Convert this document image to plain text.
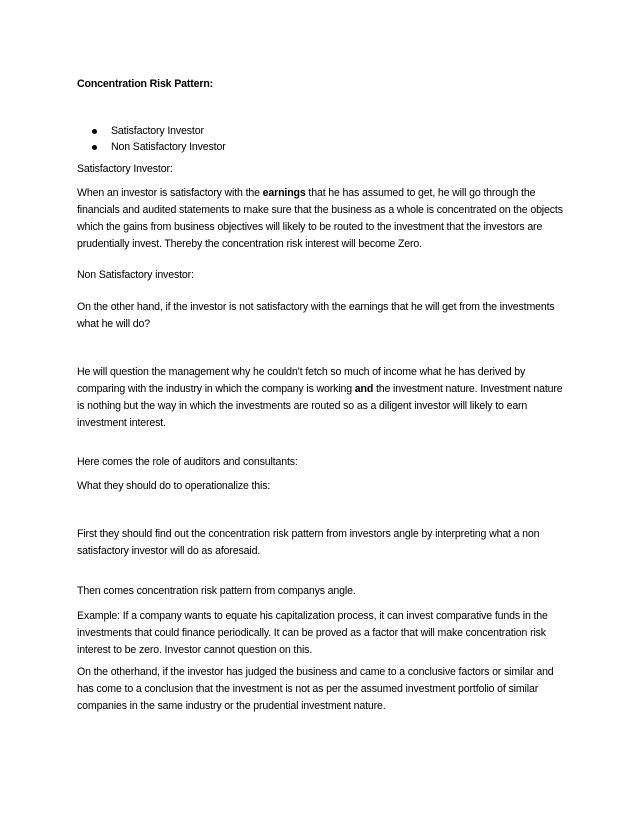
Concentration Risk Pattern:

Satisfactory Investor
Non Satisfactory Investor

Satisfactory Investor:

When an investor is satisfactory with the earnings that he has assumed to get, he will go through the financials and audited statements to make sure that the business as a whole is concentrated on the objects which the gains from business objectives will likely to be routed to the investment that the investors are prudentially invest. Thereby the concentration risk interest will become Zero.

Non Satisfactory investor:

On the other hand, if the investor is not satisfactory with the earnings that he will get from the investments what he will do?

He will question the management why he couldn’t fetch so much of income what he has derived by comparing with the industry in which the company is working and the investment nature. Investment nature is nothing but the way in which the investments are routed so as a diligent investor will likely to earn investment interest.

Here comes the role of auditors and consultants:

What they should do to operationalize this:

First they should find out the concentration risk pattern from investors angle by interpreting what a non satisfactory investor will do as aforesaid.

Then comes concentration risk pattern from companys angle.

Example: If a company wants to equate his capitalization process, it can invest comparative funds in the investments that could finance periodically. It can be proved as a factor that will make concentration risk interest to be zero. Investor cannot question on this.

On the otherhand, if the investor has judged the business and came to a conclusive factors or similar and has come to a conclusion that the investment is not as per the assumed investment portfolio of similar companies in the same industry or the prudential investment nature.
